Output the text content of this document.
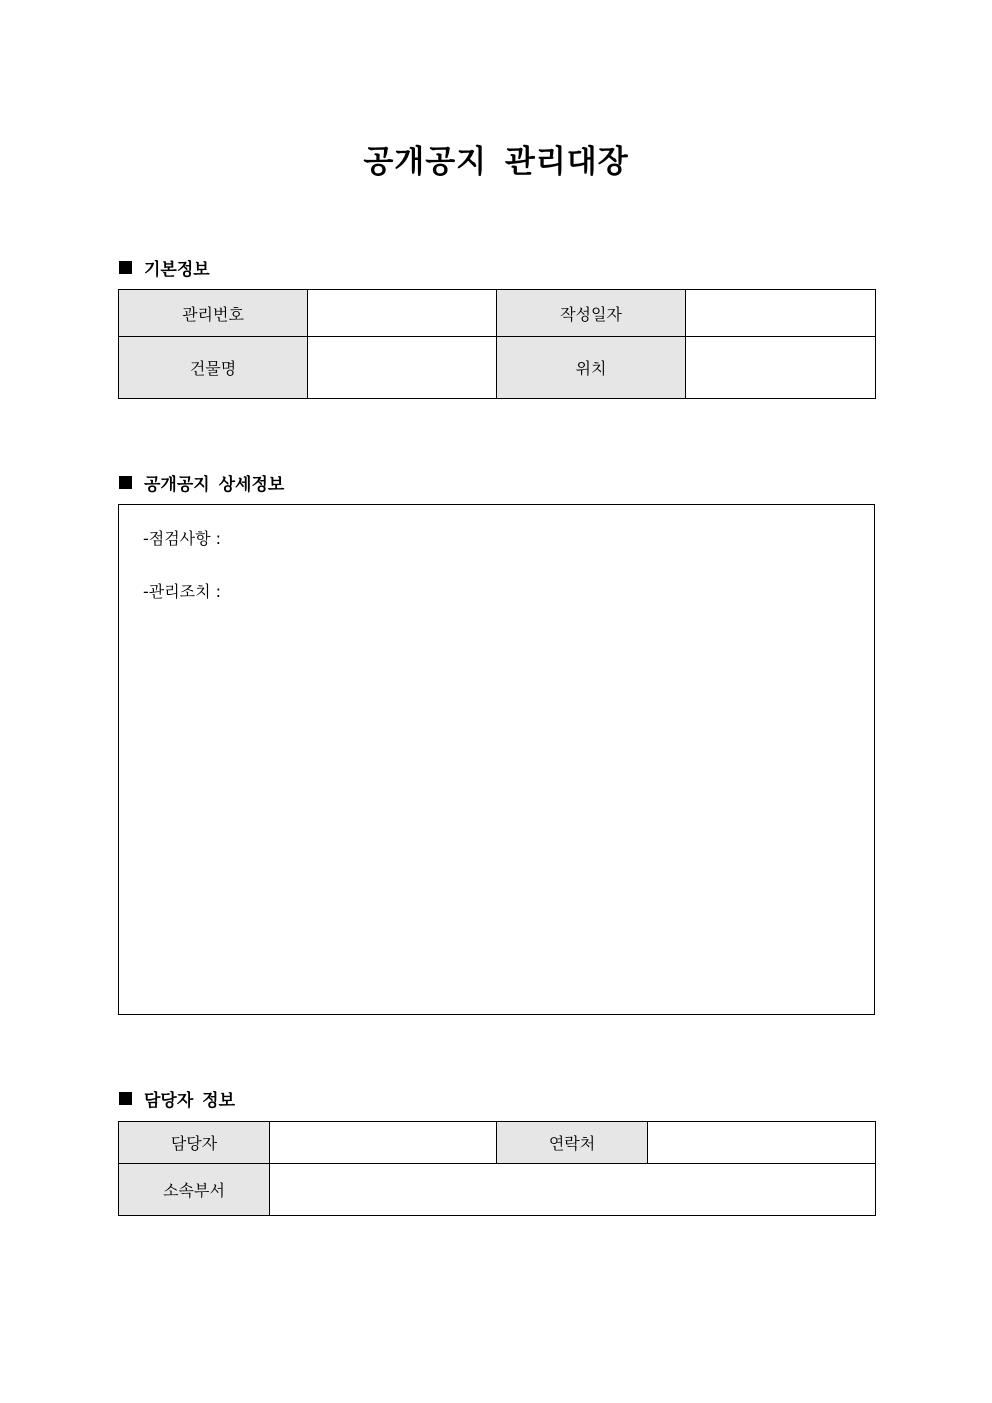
공개공지 관리대장
기본정보
관리번호		작성일자	
건물명		위치	
공개공지 상세정보
-점검사항 :
-관리조치 :
담당자 정보
담당자		연락처	
소속부서			
